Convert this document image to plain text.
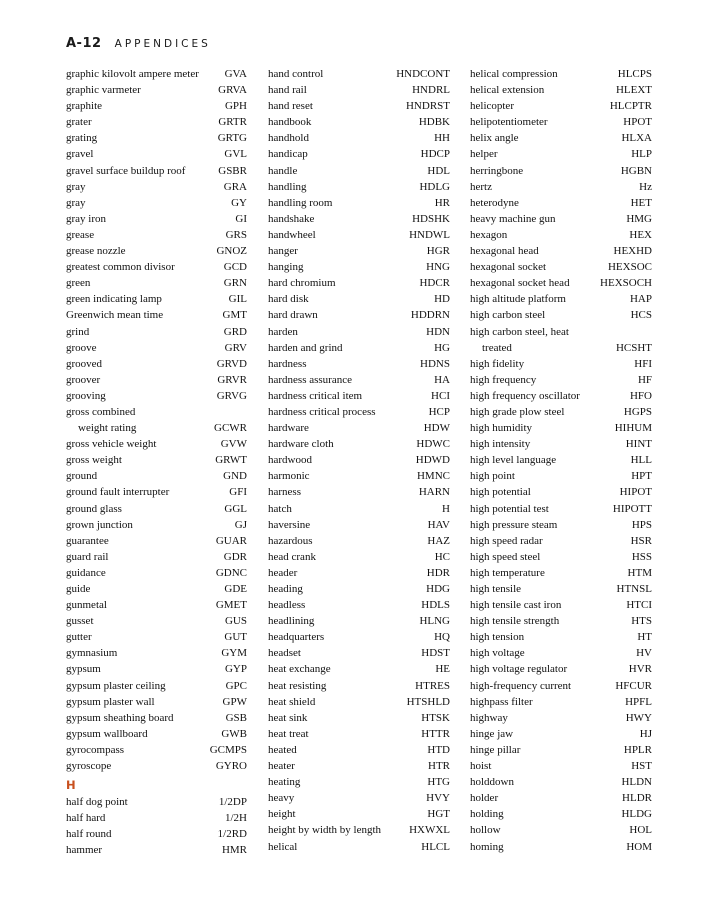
A-12 APPENDICES
graphic kilovolt ampere meter GVA
graphic varmeter	GRVA
graphite	GPH
grater	GRTR
grating	GRTG
gravel	GVL
gravel surface buildup roof	GSBR
gray	GRA
gray	GY
gray iron	GI
grease	GRS
grease nozzle	GNOZ
greatest common divisor	GCD
green	GRN
green indicating lamp	GIL
Greenwich mean time	GMT
grind	GRD
groove	GRV
grooved	GRVD
groover	GRVR
grooving	GRVG
gross combined
weight rating	GCWR
gross vehicle weight	GVW
gross weight	GRWT
ground	GND
ground fault interrupter	GFI
ground glass	GGL
grown junction	GJ
guarantee	GUAR
guard rail	GDR
guidance	GDNC
guide	GDE
gunmetal	GMET
gusset	GUS
gutter	GUT
gymnasium	GYM
gypsum	GYP
gypsum plaster ceiling	GPC
gypsum plaster wall	GPW
gypsum sheathing board	GSB
gypsum wallboard	GWB
gyrocompass	GCMPS
gyroscope	GYRO
H
half dog point	1/2DP
half hard	1/2H
half round	1/2RD
hammer	HMR
hand control	HNDCONT
hand rail	HNDRL
hand reset	HNDRST
handbook	HDBK
handhold	HH
handicap	HDCP
handle	HDL
handling	HDLG
handling room	HR
handshake	HDSHK
handwheel	HNDWL
hanger	HGR
hanging	HNG
hard chromium	HDCR
hard disk	HD
hard drawn	HDDRN
harden	HDN
harden and grind	HG
hardness	HDNS
hardness assurance	HA
hardness critical item	HCI
hardness critical process	HCP
hardware	HDW
hardware cloth	HDWC
hardwood	HDWD
harmonic	HMNC
harness	HARN
hatch	H
haversine	HAV
hazardous	HAZ
head crank	HC
header	HDR
heading	HDG
headless	HDLS
headlining	HLNG
headquarters	HQ
headset	HDST
heat exchange	HE
heat resisting	HTRES
heat shield	HTSHLD
heat sink	HTSK
heat treat	HTTR
heated	HTD
heater	HTR
heating	HTG
heavy	HVY
height	HGT
height by width by length	HXWXL
helical	HLCL
helical compression	HLCPS
helical extension	HLEXT
helicopter	HLCPTR
helipotentiometer	HPOT
helix angle	HLXA
helper	HLP
herringbone	HGBN
hertz	Hz
heterodyne	HET
heavy machine gun	HMG
hexagon	HEX
hexagonal head	HEXHD
hexagonal socket	HEXSOC
hexagonal socket head	HEXSOCH
high altitude platform	HAP
high carbon steel	HCS
high carbon steel, heat
treated	HCSHT
high fidelity	HFI
high frequency	HF
high frequency oscillator	HFO
high grade plow steel	HGPS
high humidity	HIHUM
high intensity	HINT
high level language	HLL
high point	HPT
high potential	HIPOT
high potential test	HIPOTT
high pressure steam	HPS
high speed radar	HSR
high speed steel	HSS
high temperature	HTM
high tensile	HTNSL
high tensile cast iron	HTCI
high tensile strength	HTS
high tension	HT
high voltage	HV
high voltage regulator	HVR
high-frequency current	HFCUR
highpass filter	HPFL
highway	HWY
hinge jaw	HJ
hinge pillar	HPLR
hoist	HST
holddown	HLDN
holder	HLDR
holding	HLDG
hollow	HOL
homing	HOM
